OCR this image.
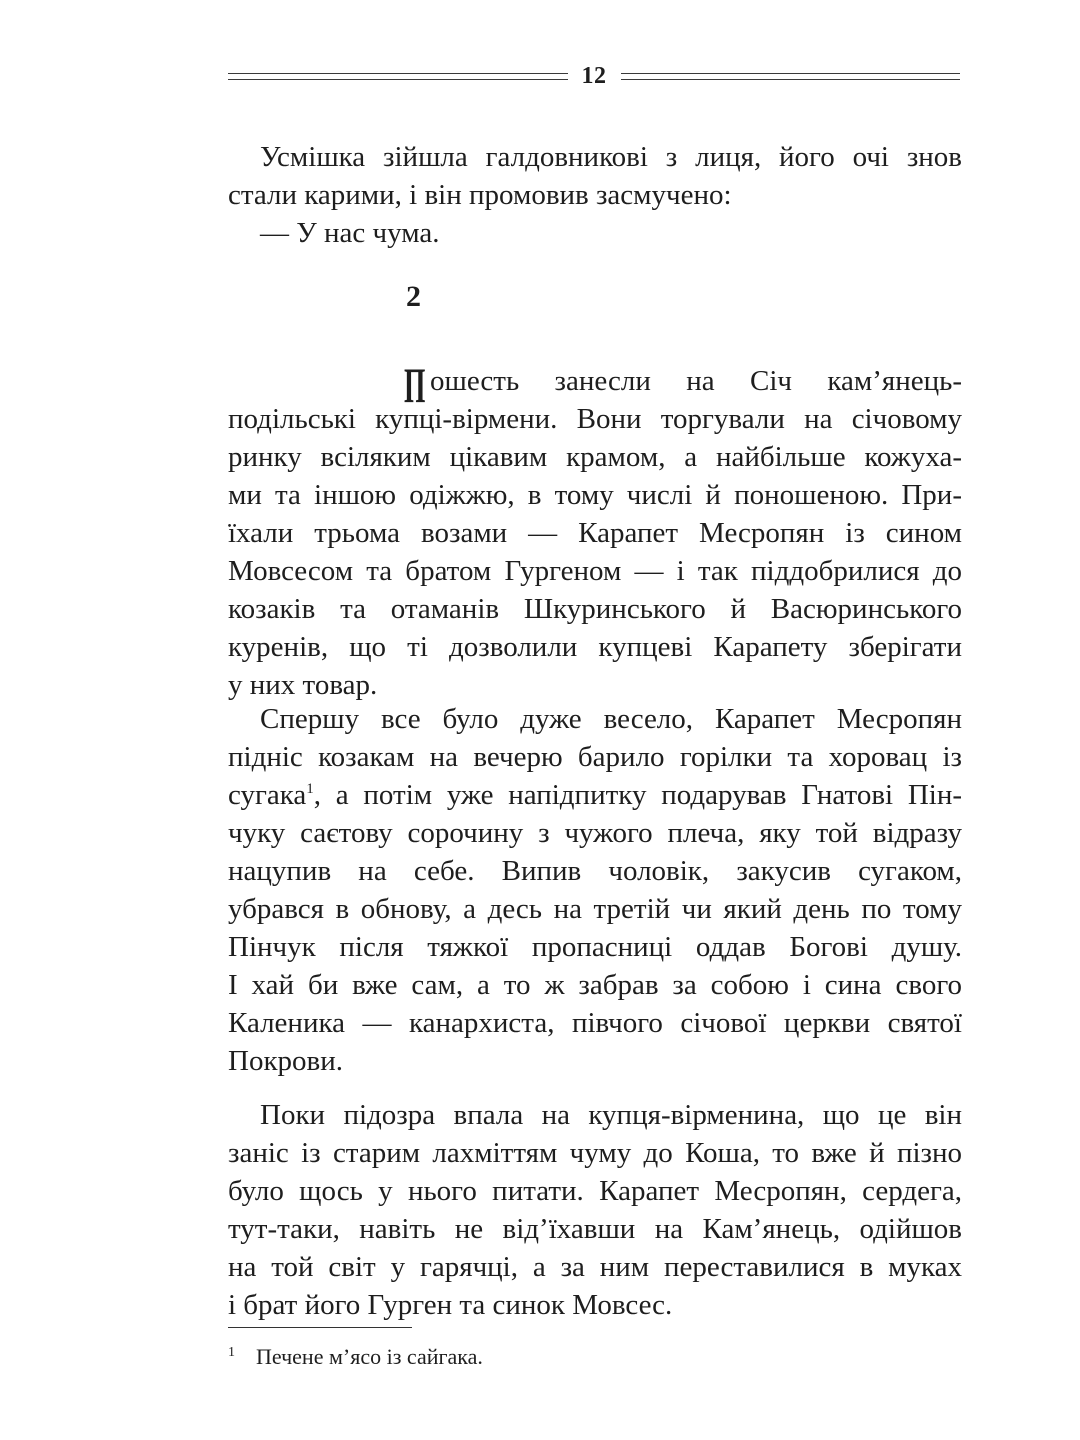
12
Усмішка зійшла галдовникові з лиця, його очі знов
стали карими, і він промовив засмучено:
— У нас чума.
2
П ошесть занесли на Січ кам’янець-
подільські купці-вірмени. Вони торгували на січовому
ринку всіляким цікавим крамом, а найбільше кожуха-
ми та іншою одіжжю, в тому числі й поношеною. При-
їхали трьома возами — Карапет Месропян із сином
Мовсесом та братом Гургеном — і так піддобрилися до
козаків та отаманів Шкуринського й Васюринського
куренів, що ті дозволили купцеві Карапету зберігати
у них товар.
Спершу все було дуже весело, Карапет Месропян
підніс козакам на вечерю барило горілки та хоровац із
сугака$^1$, а потім уже напідпитку подарував Гнатові Пін-
чуку саєтову сорочину з чужого плеча, яку той відразу
нацупив на себе. Випив чоловік, закусив сугаком,
убрався в обнову, а десь на третій чи який день по тому
Пінчук після тяжкої пропасниці оддав Богові душу.
І хай би вже сам, а то ж забрав за собою і сина свого
Каленика — канархиста, півчого січової церкви святої
Покрови.
Поки підозра впала на купця-вірменина, що це він
заніс із старим лахміттям чуму до Коша, то вже й пізно
було щось у нього питати. Карапет Месропян, сердега,
тут-таки, навіть не від’їхавши на Кам’янець, одійшов
на той світ у гарячці, а за ним переставилися в муках
і брат його Гурген та синок Мовсес.
1 Печене м’ясо із сайгака.
